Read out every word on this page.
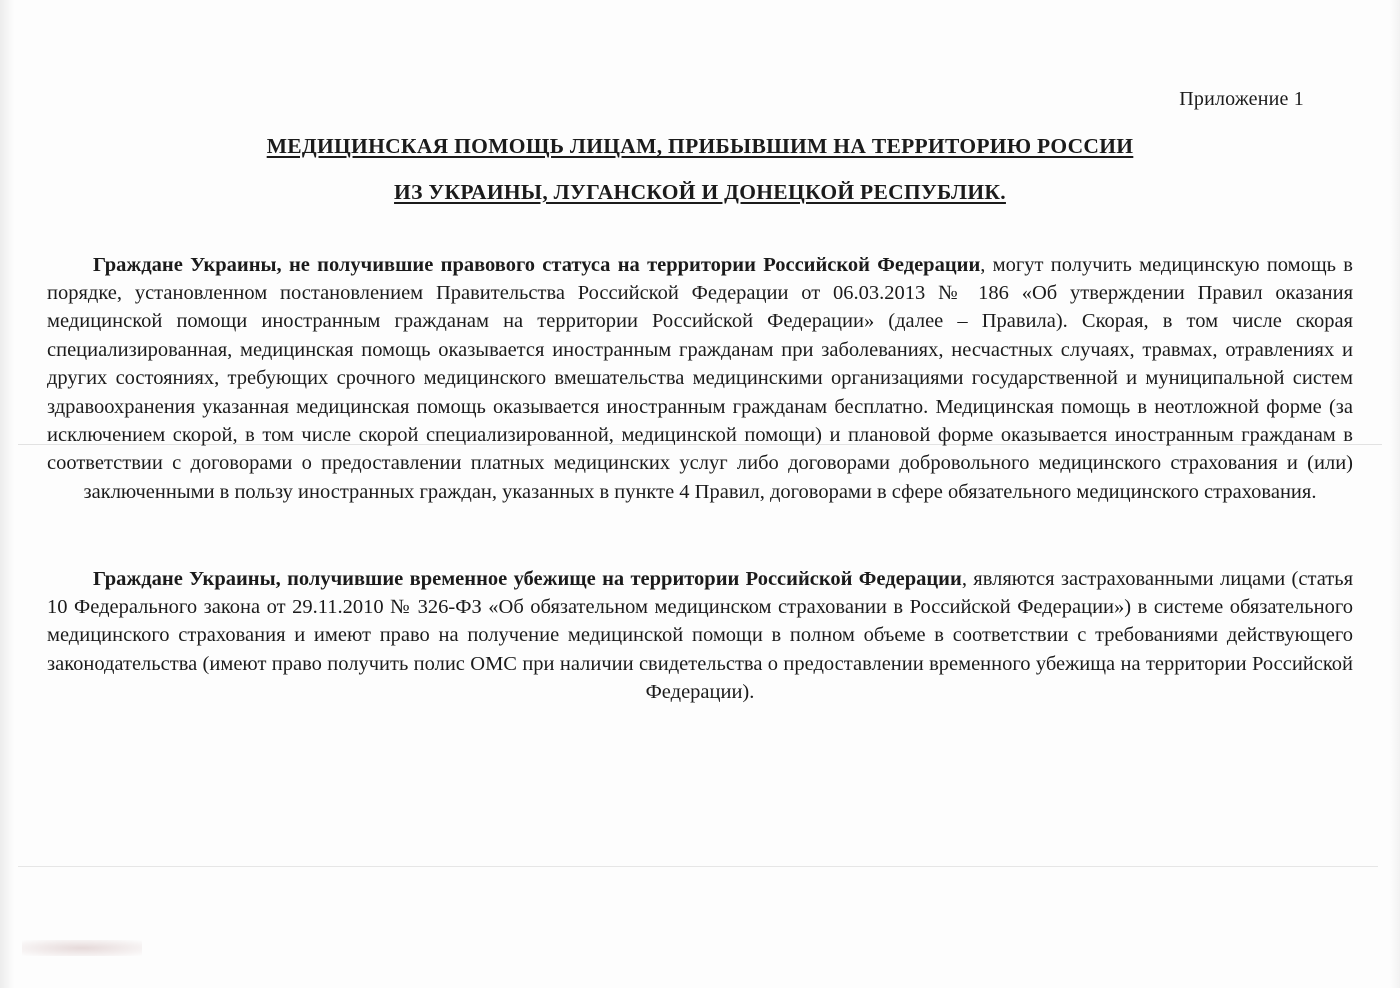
Приложение 1
МЕДИЦИНСКАЯ ПОМОЩЬ ЛИЦАМ, ПРИБЫВШИМ НА ТЕРРИТОРИЮ РОССИИ
ИЗ УКРАИНЫ, ЛУГАНСКОЙ И ДОНЕЦКОЙ РЕСПУБЛИК.

Граждане Украины, не получившие правового статуса на территории Российской Федерации, могут получить медицинскую помощь в порядке, установленном постановлением Правительства Российской Федерации от 06.03.2013 № 186 «Об утверждении Правил оказания медицинской помощи иностранным гражданам на территории Российской Федерации» (далее – Правила). Скорая, в том числе скорая специализированная, медицинская помощь оказывается иностранным гражданам при заболеваниях, несчастных случаях, травмах, отравлениях и других состояниях, требующих срочного медицинского вмешательства медицинскими организациями государственной и муниципальной систем здравоохранения указанная медицинская помощь оказывается иностранным гражданам бесплатно. Медицинская помощь в неотложной форме (за исключением скорой, в том числе скорой специализированной, медицинской помощи) и плановой форме оказывается иностранным гражданам в соответствии с договорами о предоставлении платных медицинских услуг либо договорами добровольного медицинского страхования и (или) заключенными в пользу иностранных граждан, указанных в пункте 4 Правил, договорами в сфере обязательного медицинского страхования.

Граждане Украины, получившие временное убежище на территории Российской Федерации, являются застрахованными лицами (статья 10 Федерального закона от 29.11.2010 № 326-ФЗ «Об обязательном медицинском страховании в Российской Федерации») в системе обязательного медицинского страхования и имеют право на получение медицинской помощи в полном объеме в соответствии с требованиями действующего законодательства (имеют право получить полис ОМС при наличии свидетельства о предоставлении временного убежища на территории Российской Федерации).
